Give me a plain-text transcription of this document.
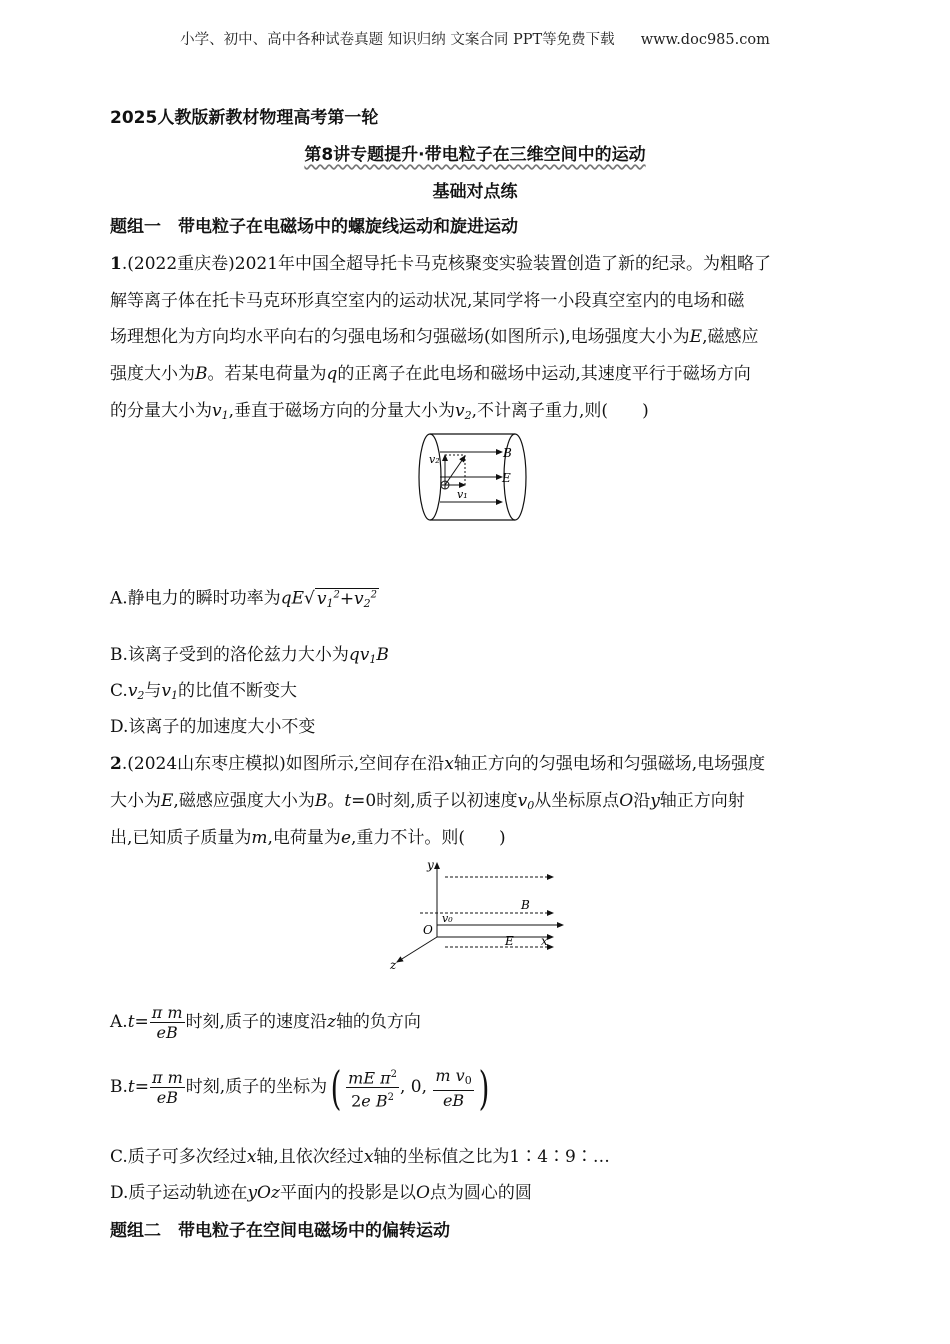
小学、初中、高中各种试卷真题 知识归纳 文案合同 PPT等免费下载 www.doc985.com
2025人教版新教材物理高考第一轮
第8讲专题提升·带电粒子在三维空间中的运动
基础对点练
题组一　带电粒子在电磁场中的螺旋线运动和旋进运动
1.(2022重庆卷)2021年中国全超导托卡马克核聚变实验装置创造了新的纪录。为粗略了
解等离子体在托卡马克环形真空室内的运动状况,某同学将一小段真空室内的电场和磁
场理想化为方向均水平向右的匀强电场和匀强磁场(如图所示),电场强度大小为E,磁感应
强度大小为B。若某电荷量为q的正离子在此电场和磁场中运动,其速度平行于磁场方向
的分量大小为$v_1$,垂直于磁场方向的分量大小为$v_2$,不计离子重力,则(　　)
v₂
v₁
B
E
A.静电力的瞬时功率为qE√ $v_1^2+v_2^2$
B.该离子受到的洛伦兹力大小为$qv_1B$
$C.v_2$与$v_1$的比值不断变大
D.该离子的加速度大小不变
2.(2024山东枣庄模拟)如图所示,空间存在沿x轴正方向的匀强电场和匀强磁场,电场强度
大小为E,磁感应强度大小为B。t=0时刻,质子以初速度$v_0$从坐标原点O沿y轴正方向射
出,已知质子质量为m,电荷量为e,重力不计。则(　　)
y
v₀
B
O
E x
z
$A.t= \frac{\text{π m}}{eB}$ 时刻,质子的速度沿z轴的负方向
$B.t= \frac{\text{π m}}{eB}$ 时刻,质子的坐标为( $\frac{mE \pi^2}{2e B^2}$ , 0, $\frac{m v_0}{eB}$ )
C.质子可多次经过x轴,且依次经过x轴的坐标值之比为1∶4∶9∶…
D.质子运动轨迹在yOz平面内的投影是以O点为圆心的圆
题组二　带电粒子在空间电磁场中的偏转运动
